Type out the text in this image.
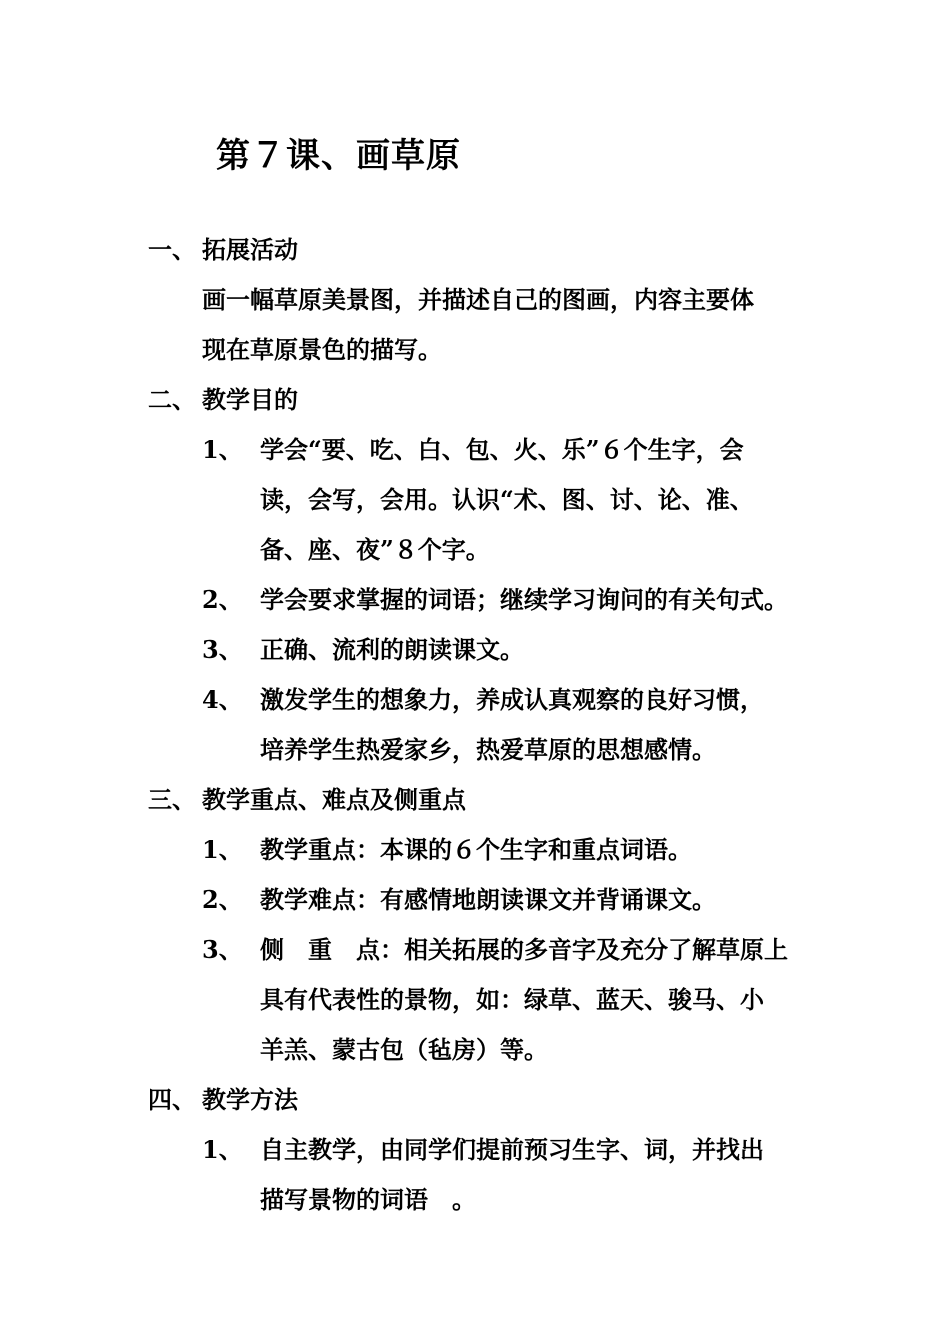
第７课、画草原
一、 拓展活动
画一幅草原美景图，并描述自己的图画，内容主要体
现在草原景色的描写。
二、 教学目的
1、 学会“要、吃、白、包、火、乐”６个生字，会
读，会写，会用。认识“术、图、讨、论、准、
备、座、夜”８个字。
2、 学会要求掌握的词语；继续学习询问的有关句式。
3、 正确、流利的朗读课文。
4、 激发学生的想象力，养成认真观察的良好习惯，
培养学生热爱家乡，热爱草原的思想感情。
三、 教学重点、难点及侧重点
1、 教学重点：本课的６个生字和重点词语。
2、 教学难点：有感情地朗读课文并背诵课文。
3、 侧　重　点：相关拓展的多音字及充分了解草原上
具有代表性的景物，如：绿草、蓝天、骏马、小
羊羔、蒙古包（毡房）等。
四、 教学方法
1、 自主教学，由同学们提前预习生字、词，并找出
描写景物的词语　。
